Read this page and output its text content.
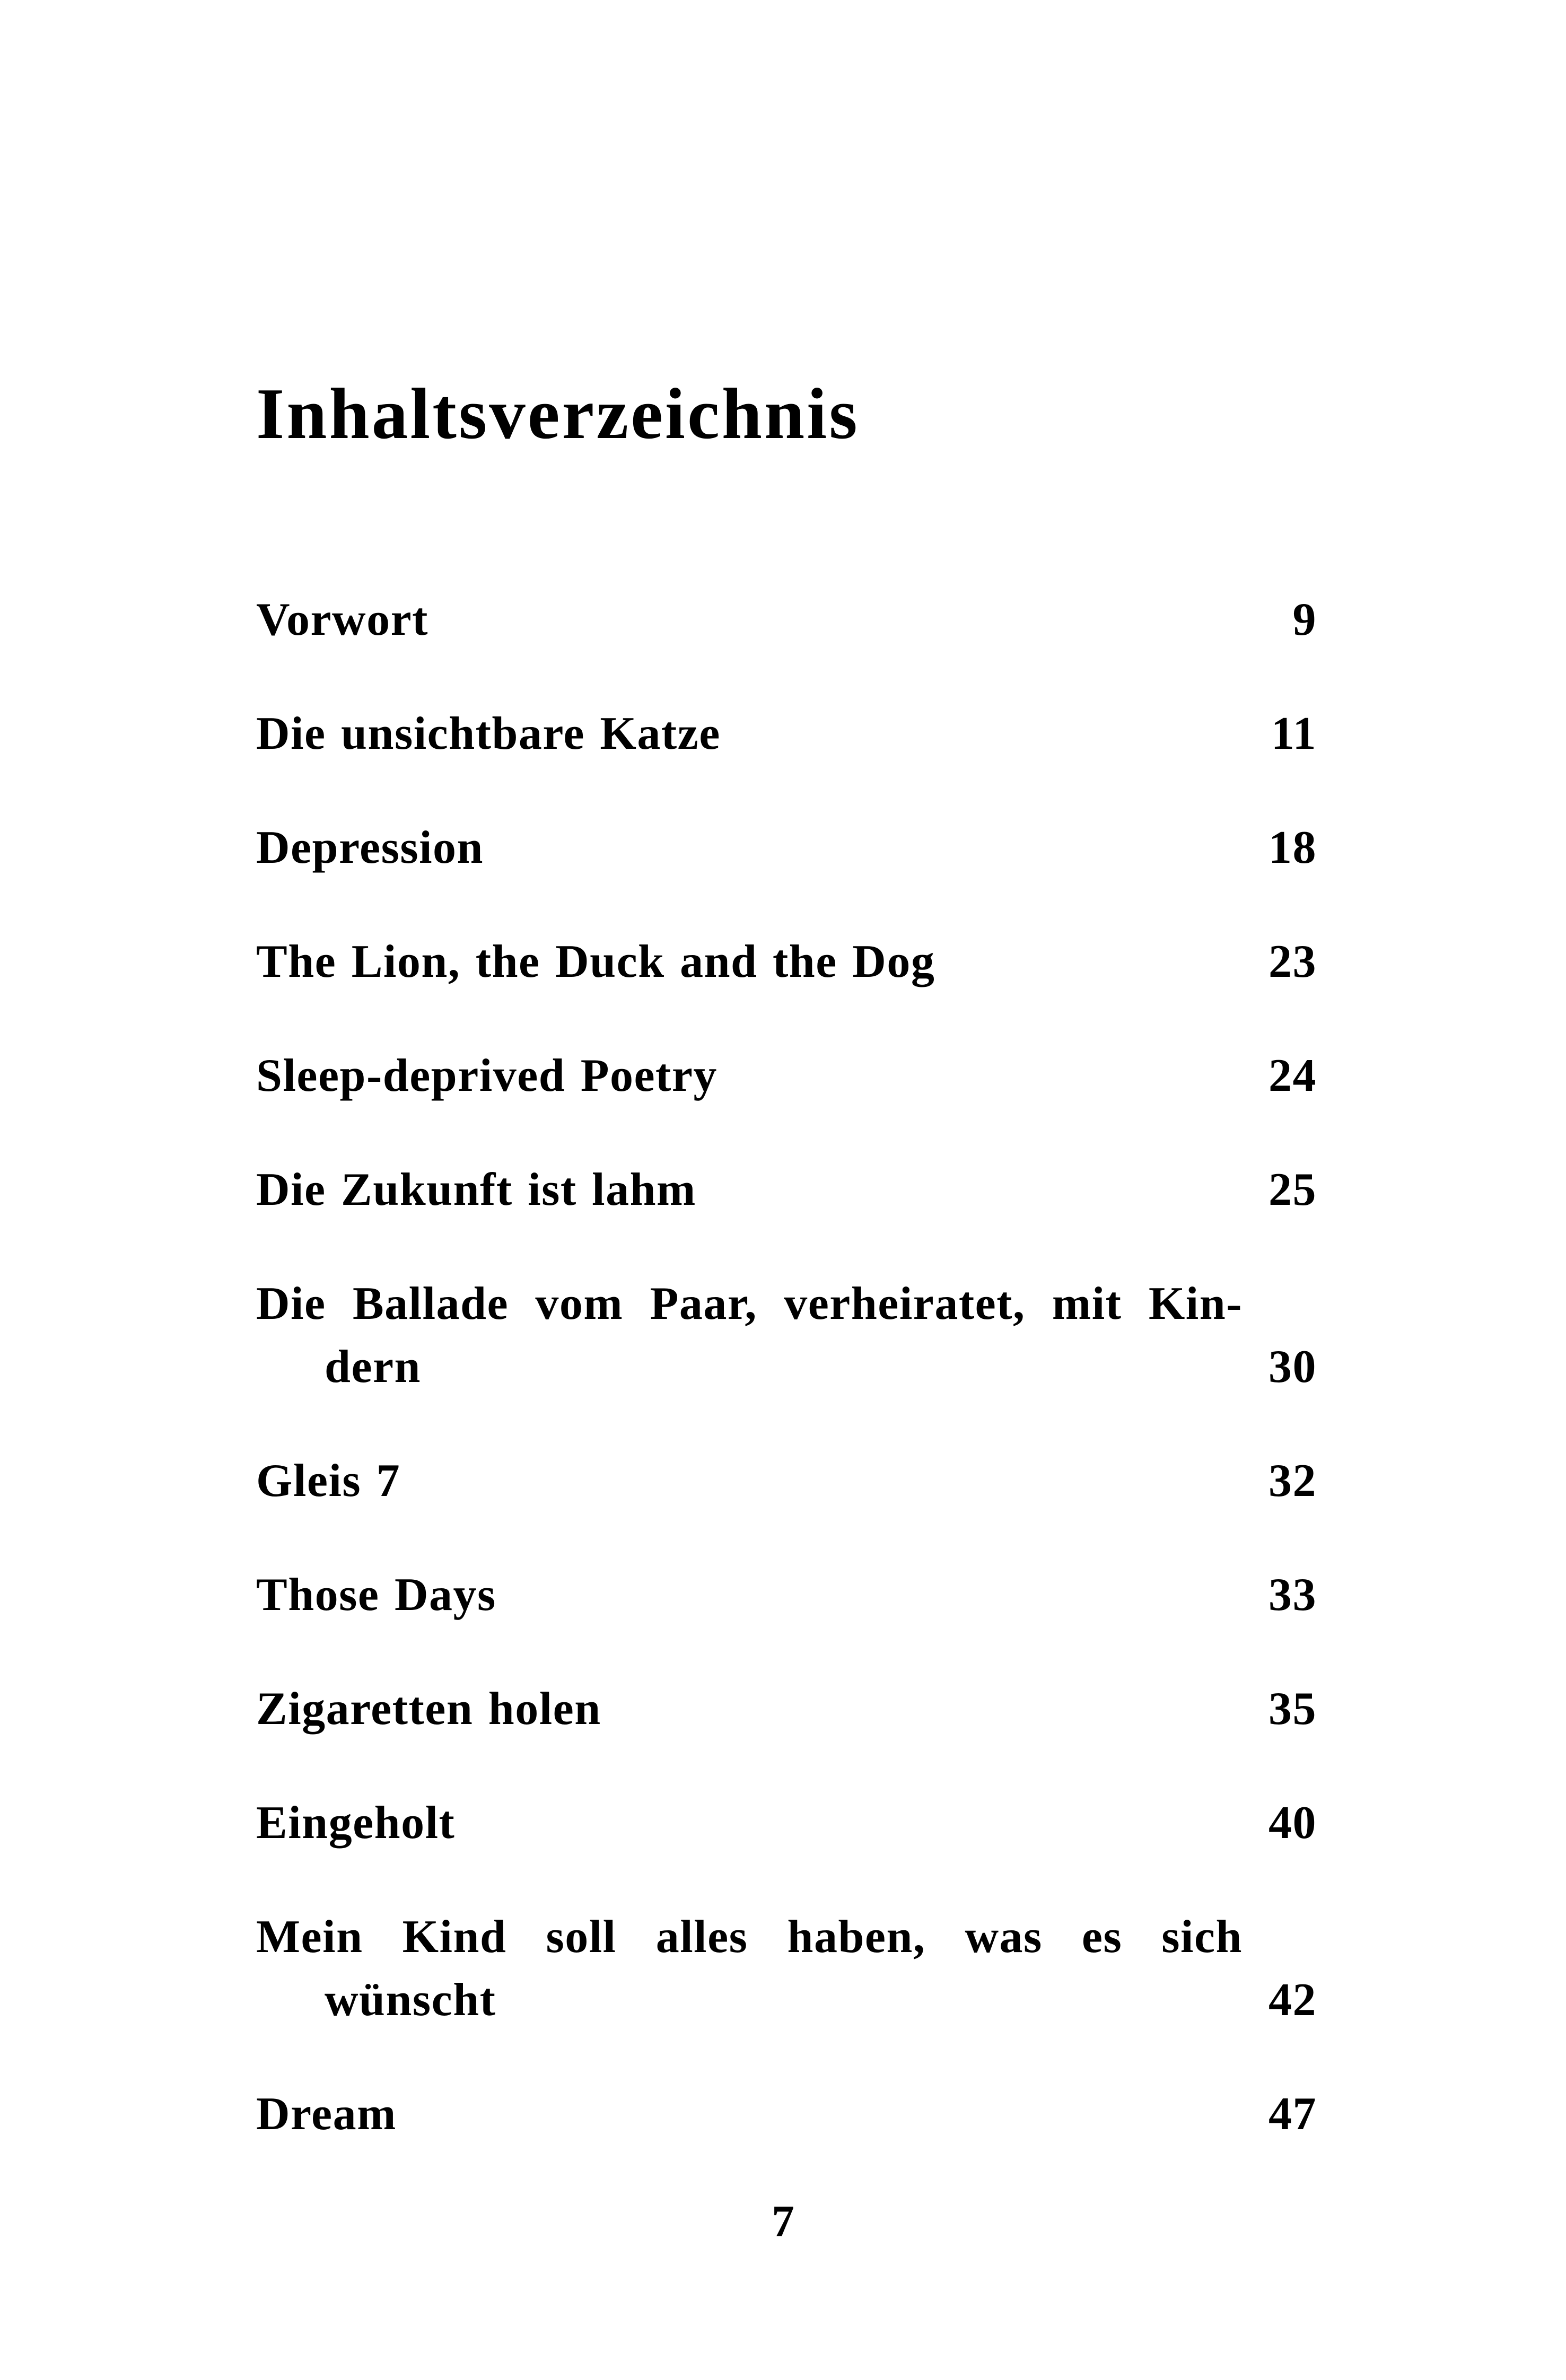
Inhaltsverzeichnis
Vorwort	9
Die unsichtbare Katze	11
Depression	18
The Lion, the Duck and the Dog	23
Sleep-deprived Poetry	24
Die Zukunft ist lahm	25
Die Ballade vom Paar, verheiratet, mit Kin-
dern	30
Gleis 7	32
Those Days	33
Zigaretten holen	35
Eingeholt	40
Mein Kind soll alles haben, was es sich
wünscht	42
Dream	47
7
